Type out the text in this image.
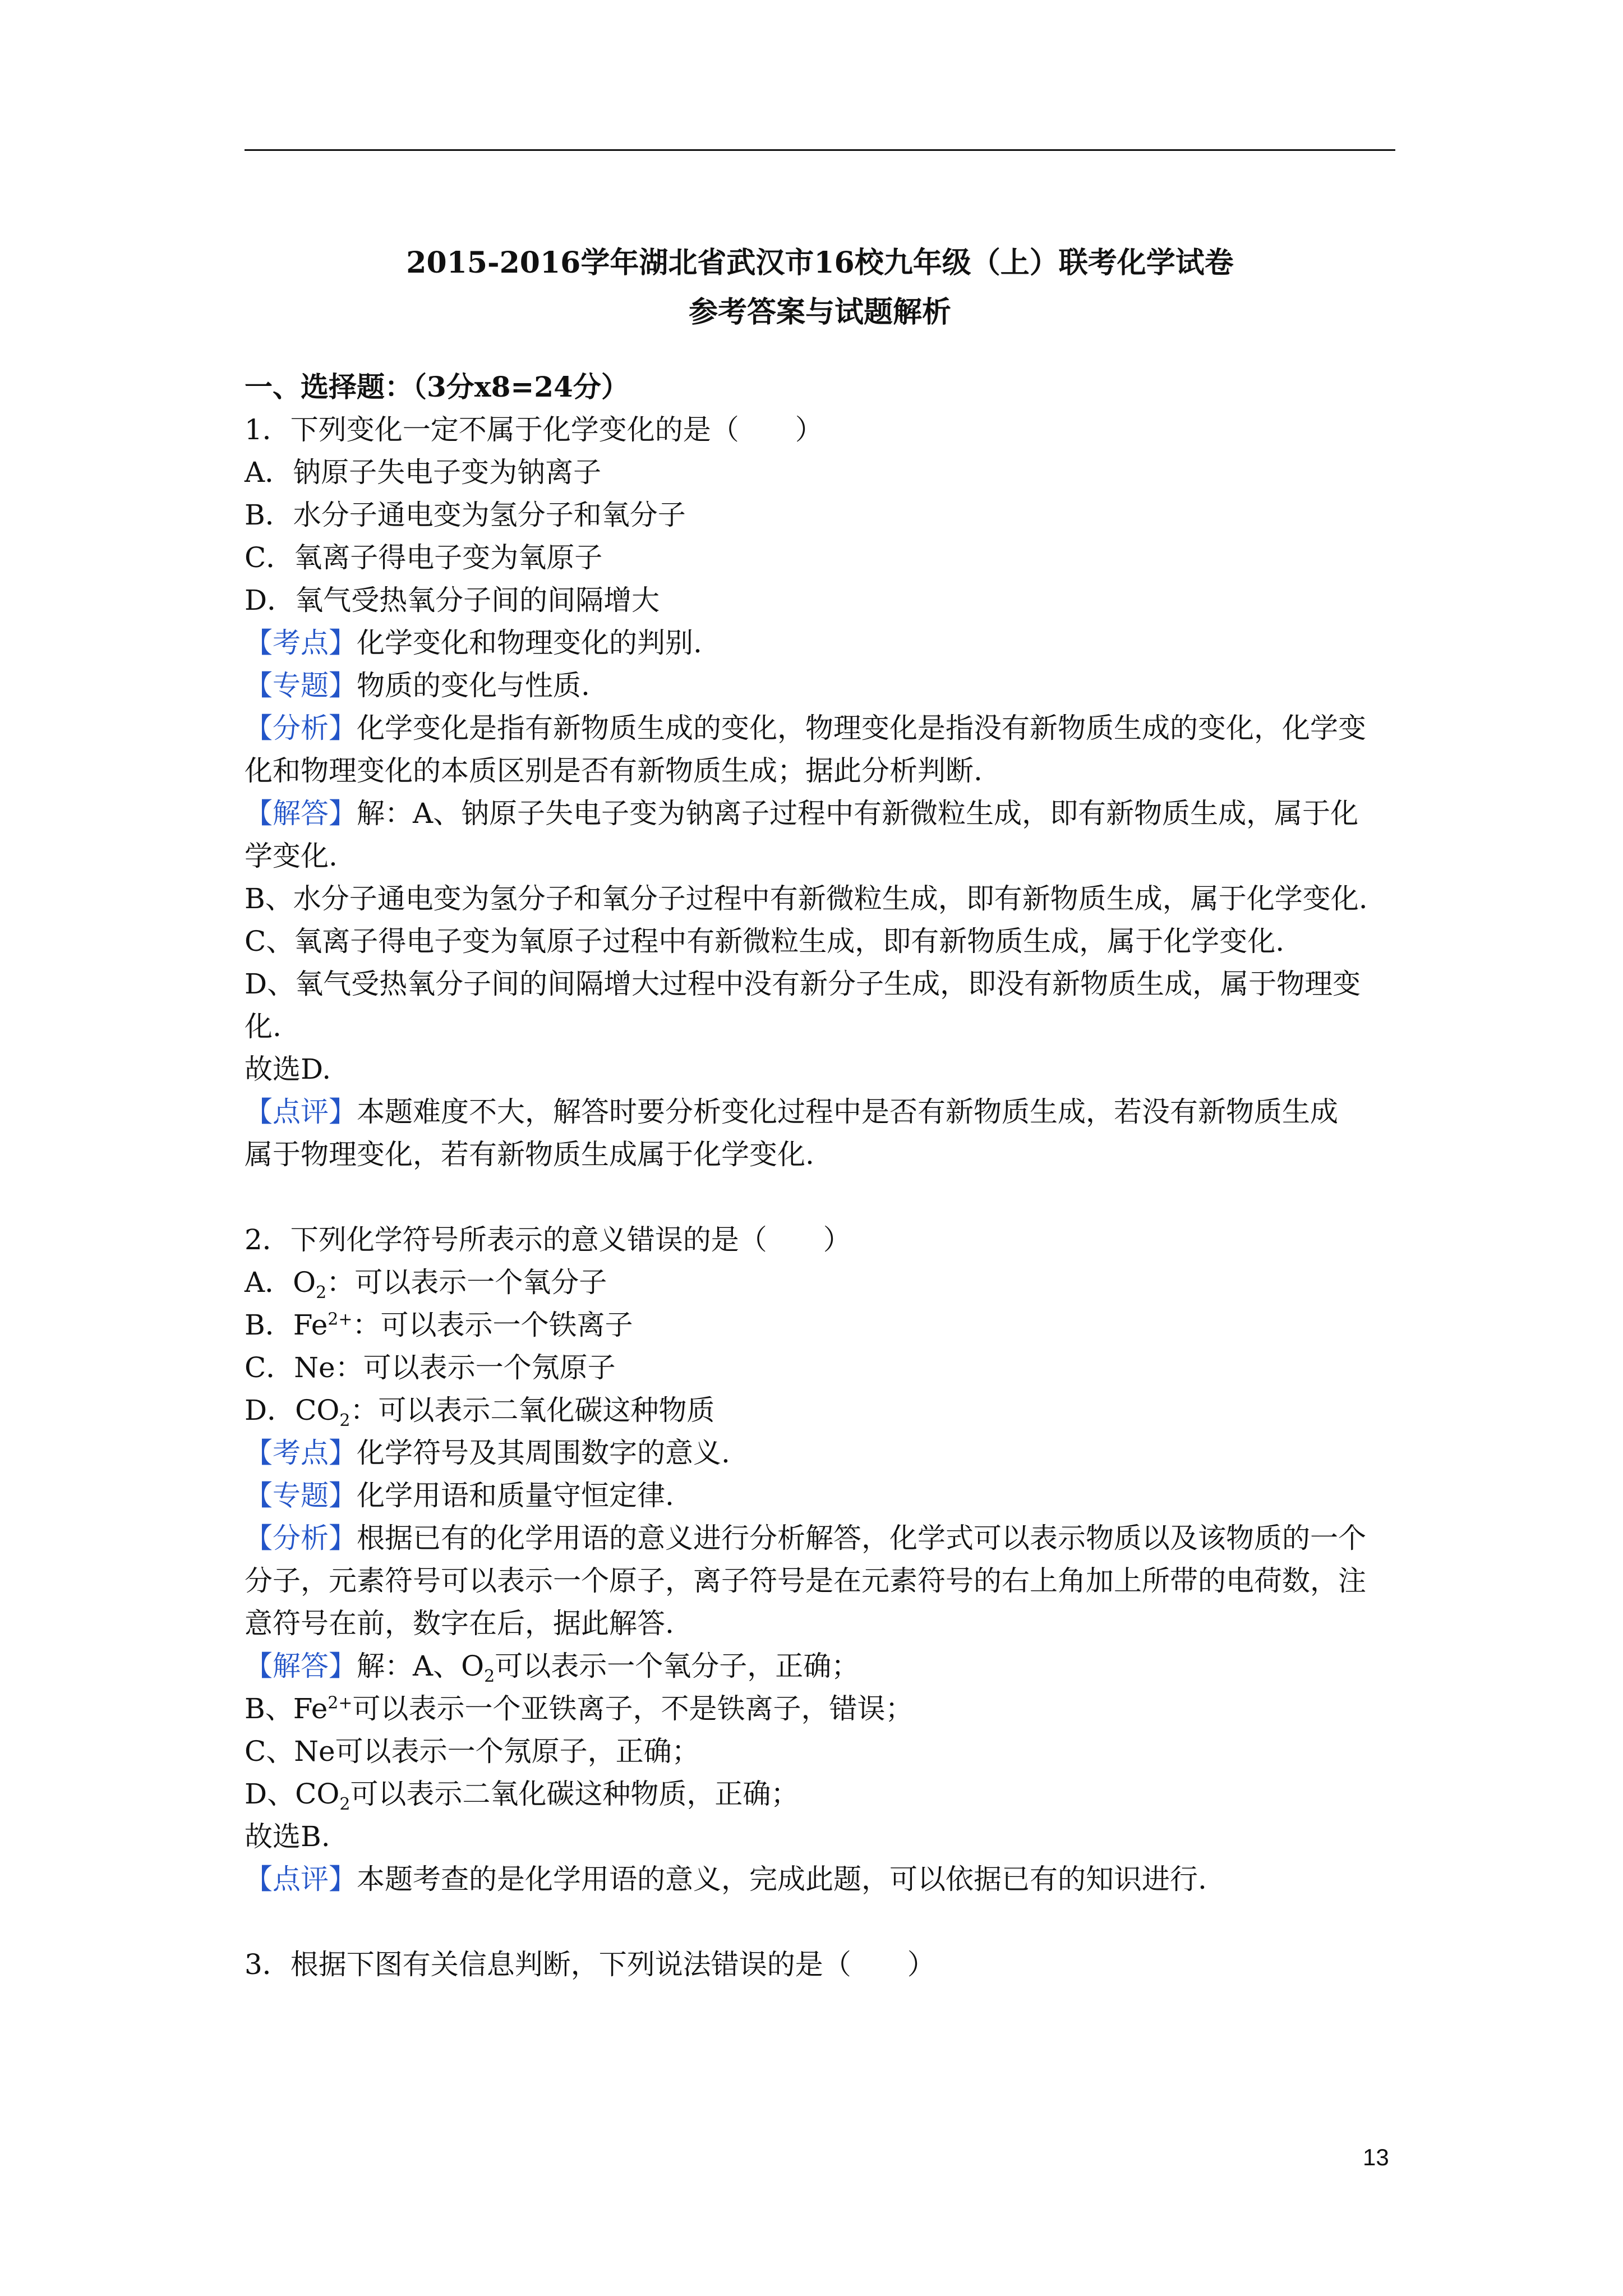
2015-2016学年湖北省武汉市16校九年级（上）联考化学试卷
参考答案与试题解析
一、选择题：（3分x8=24分）
1．下列变化一定不属于化学变化的是（　　）
A．钠原子失电子变为钠离子
B．水分子通电变为氢分子和氧分子
C．氧离子得电子变为氧原子
D．氧气受热氧分子间的间隔增大
【考点】化学变化和物理变化的判别.
【专题】物质的变化与性质.
【分析】化学变化是指有新物质生成的变化，物理变化是指没有新物质生成的变化，化学变
化和物理变化的本质区别是否有新物质生成；据此分析判断.
【解答】解：A、钠原子失电子变为钠离子过程中有新微粒生成，即有新物质生成，属于化
学变化.
B、水分子通电变为氢分子和氧分子过程中有新微粒生成，即有新物质生成，属于化学变化.
C、氧离子得电子变为氧原子过程中有新微粒生成，即有新物质生成，属于化学变化.
D、氧气受热氧分子间的间隔增大过程中没有新分子生成，即没有新物质生成，属于物理变
化.
故选D.
【点评】本题难度不大，解答时要分析变化过程中是否有新物质生成，若没有新物质生成
属于物理变化，若有新物质生成属于化学变化.
2．下列化学符号所表示的意义错误的是（　　）
A．$O_2$：可以表示一个氧分子
B．$Fe^{2+}$：可以表示一个铁离子
C．Ne：可以表示一个氖原子
D．$CO_2$：可以表示二氧化碳这种物质
【考点】化学符号及其周围数字的意义.
【专题】化学用语和质量守恒定律.
【分析】根据已有的化学用语的意义进行分析解答，化学式可以表示物质以及该物质的一个
分子，元素符号可以表示一个原子，离子符号是在元素符号的右上角加上所带的电荷数，注
意符号在前，数字在后，据此解答.
【解答】解：A、$O_2$可以表示一个氧分子，正确；
B、$Fe^{2+}$可以表示一个亚铁离子，不是铁离子，错误；
C、Ne可以表示一个氖原子，正确；
D、$CO_2$可以表示二氧化碳这种物质，正确；
故选B.
【点评】本题考查的是化学用语的意义，完成此题，可以依据已有的知识进行.
3．根据下图有关信息判断，下列说法错误的是（　　）
13
